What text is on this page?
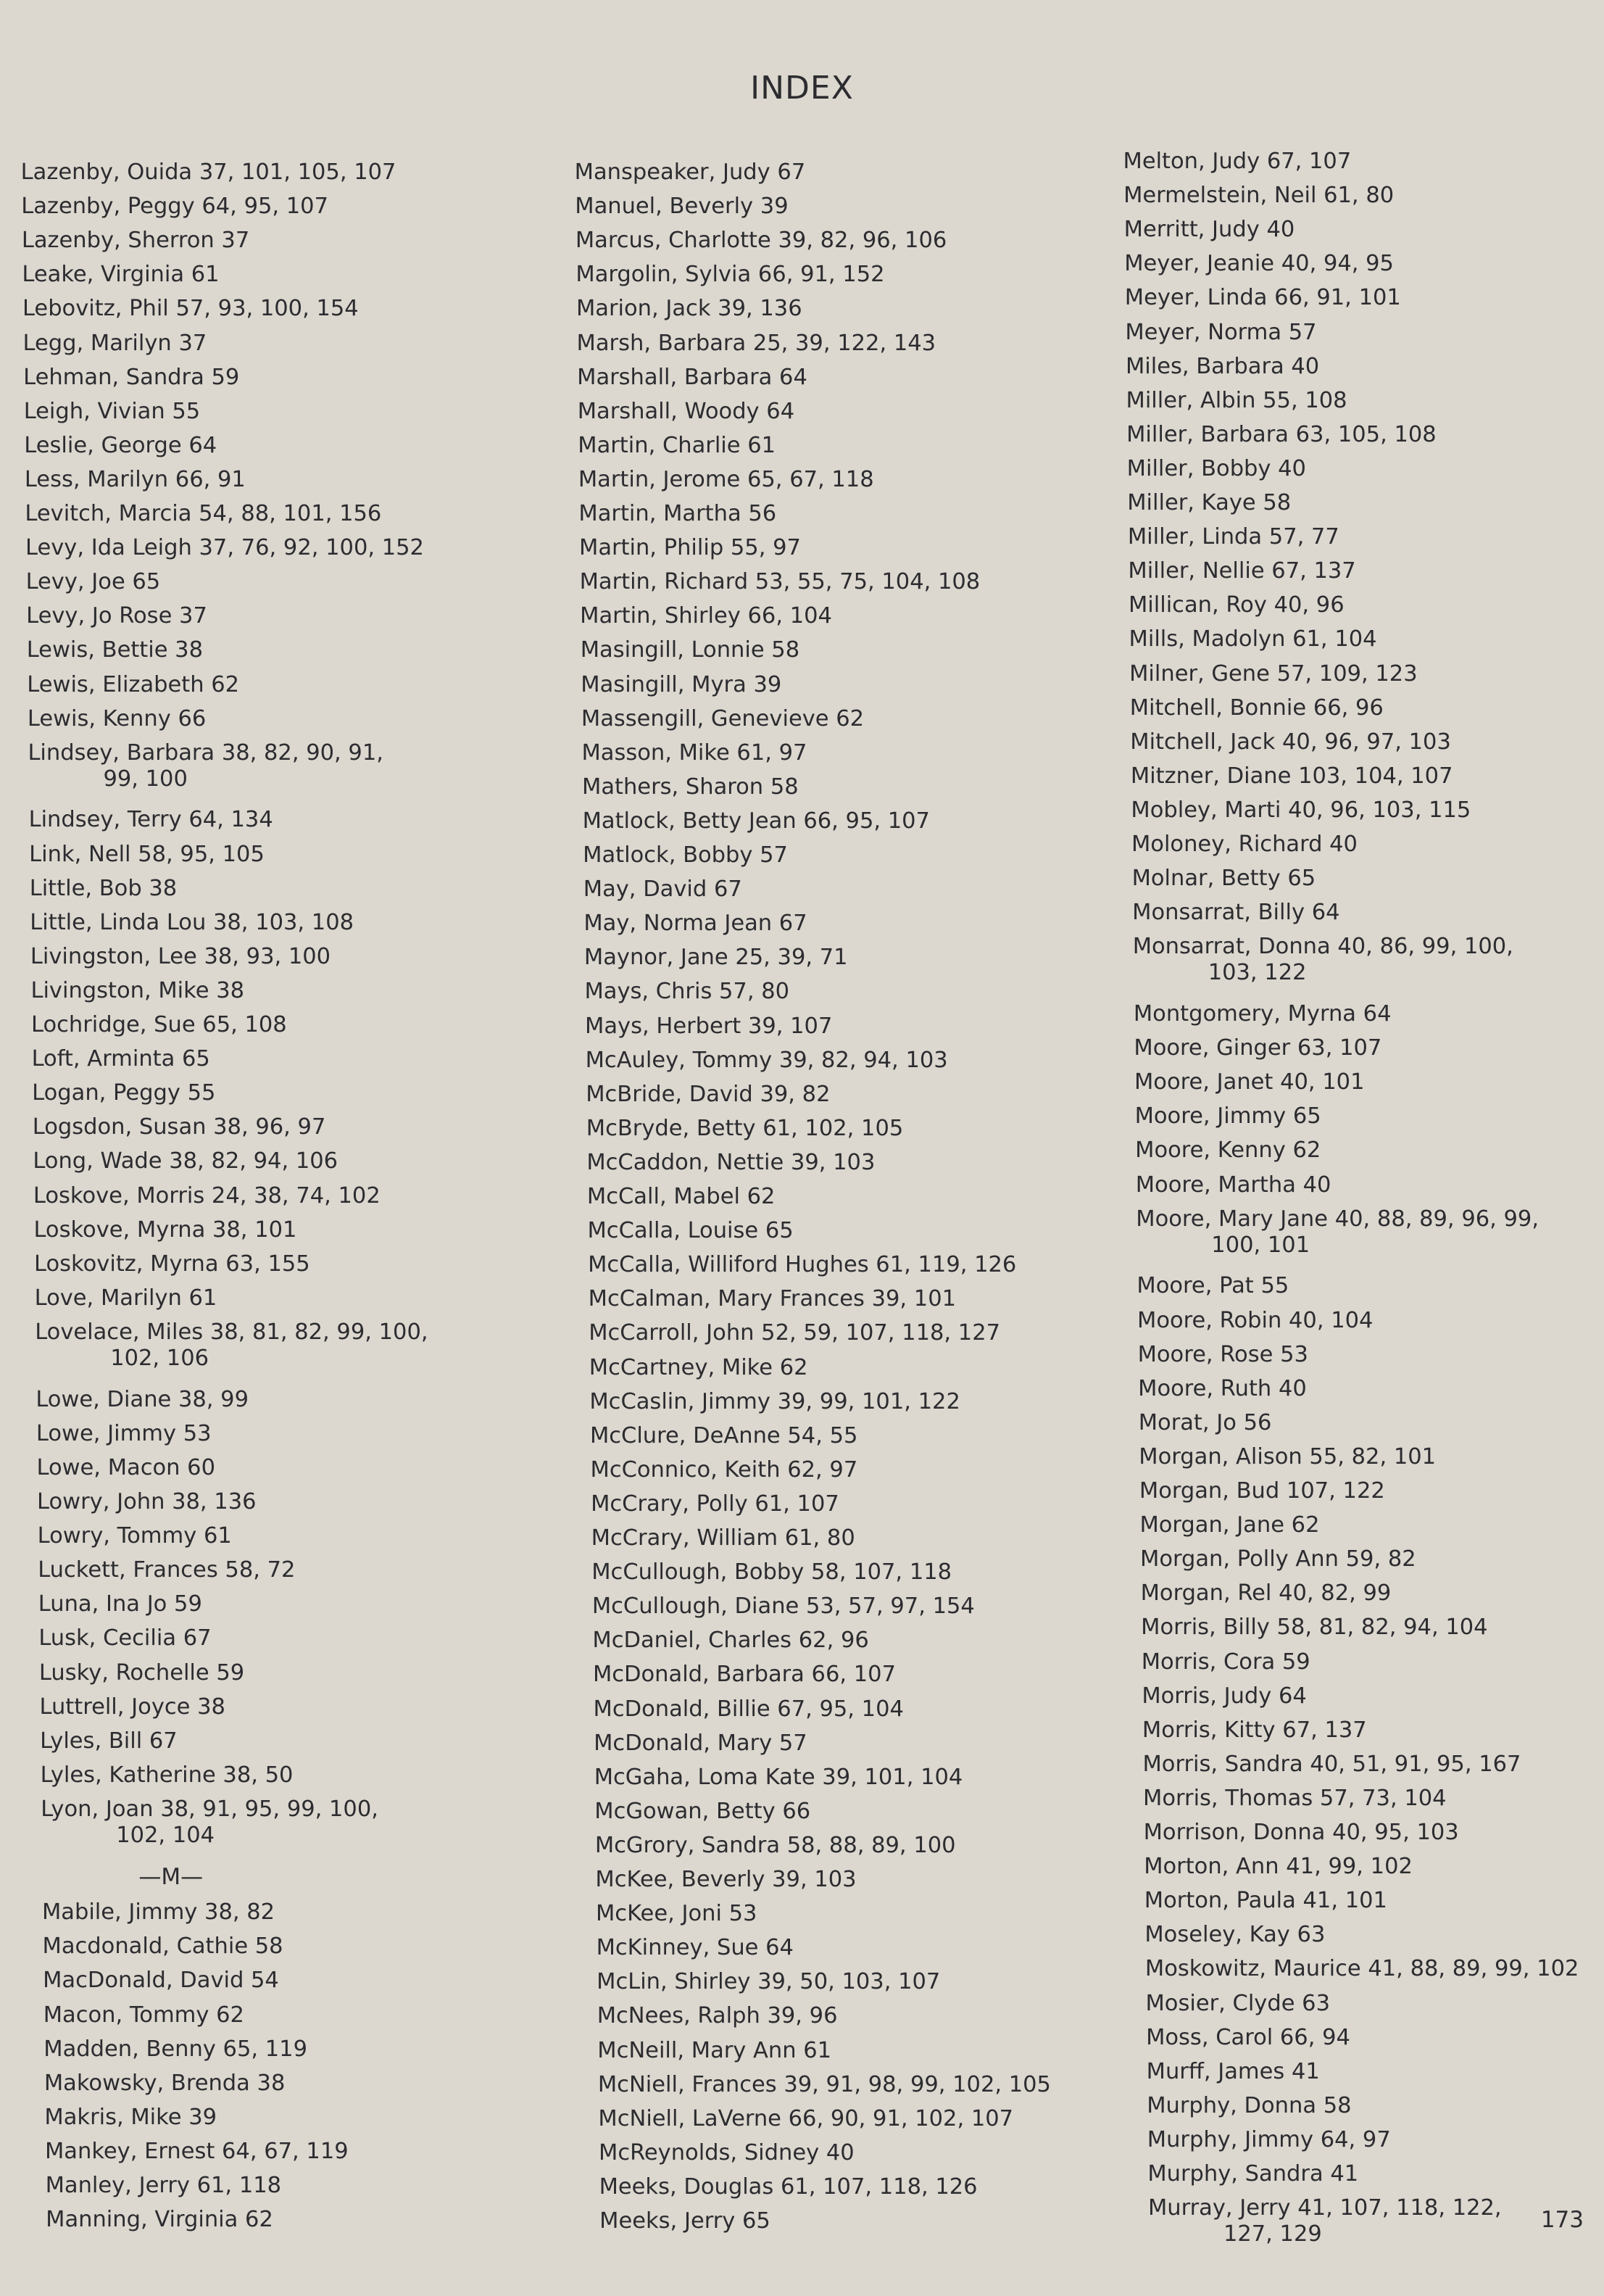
INDEX
Lazenby, Ouida 37, 101, 105, 107
Lazenby, Peggy 64, 95, 107
Lazenby, Sherron 37
Leake, Virginia 61
Lebovitz, Phil 57, 93, 100, 154
Legg, Marilyn 37
Lehman, Sandra 59
Leigh, Vivian 55
Leslie, George 64
Less, Marilyn 66, 91
Levitch, Marcia 54, 88, 101, 156
Levy, Ida Leigh 37, 76, 92, 100, 152
Levy, Joe 65
Levy, Jo Rose 37
Lewis, Bettie 38
Lewis, Elizabeth 62
Lewis, Kenny 66
Lindsey, Barbara 38, 82, 90, 91,
99, 100
Lindsey, Terry 64, 134
Link, Nell 58, 95, 105
Little, Bob 38
Little, Linda Lou 38, 103, 108
Livingston, Lee 38, 93, 100
Livingston, Mike 38
Lochridge, Sue 65, 108
Loft, Arminta 65
Logan, Peggy 55
Logsdon, Susan 38, 96, 97
Long, Wade 38, 82, 94, 106
Loskove, Morris 24, 38, 74, 102
Loskove, Myrna 38, 101
Loskovitz, Myrna 63, 155
Love, Marilyn 61
Lovelace, Miles 38, 81, 82, 99, 100,
102, 106
Lowe, Diane 38, 99
Lowe, Jimmy 53
Lowe, Macon 60
Lowry, John 38, 136
Lowry, Tommy 61
Luckett, Frances 58, 72
Luna, Ina Jo 59
Lusk, Cecilia 67
Lusky, Rochelle 59
Luttrell, Joyce 38
Lyles, Bill 67
Lyles, Katherine 38, 50
Lyon, Joan 38, 91, 95, 99, 100,
102, 104
—M—
Mabile, Jimmy 38, 82
Macdonald, Cathie 58
MacDonald, David 54
Macon, Tommy 62
Madden, Benny 65, 119
Makowsky, Brenda 38
Makris, Mike 39
Mankey, Ernest 64, 67, 119
Manley, Jerry 61, 118
Manning, Virginia 62
Manspeaker, Judy 67
Manuel, Beverly 39
Marcus, Charlotte 39, 82, 96, 106
Margolin, Sylvia 66, 91, 152
Marion, Jack 39, 136
Marsh, Barbara 25, 39, 122, 143
Marshall, Barbara 64
Marshall, Woody 64
Martin, Charlie 61
Martin, Jerome 65, 67, 118
Martin, Martha 56
Martin, Philip 55, 97
Martin, Richard 53, 55, 75, 104, 108
Martin, Shirley 66, 104
Masingill, Lonnie 58
Masingill, Myra 39
Massengill, Genevieve 62
Masson, Mike 61, 97
Mathers, Sharon 58
Matlock, Betty Jean 66, 95, 107
Matlock, Bobby 57
May, David 67
May, Norma Jean 67
Maynor, Jane 25, 39, 71
Mays, Chris 57, 80
Mays, Herbert 39, 107
McAuley, Tommy 39, 82, 94, 103
McBride, David 39, 82
McBryde, Betty 61, 102, 105
McCaddon, Nettie 39, 103
McCall, Mabel 62
McCalla, Louise 65
McCalla, Williford Hughes 61, 119, 126
McCalman, Mary Frances 39, 101
McCarroll, John 52, 59, 107, 118, 127
McCartney, Mike 62
McCaslin, Jimmy 39, 99, 101, 122
McClure, DeAnne 54, 55
McConnico, Keith 62, 97
McCrary, Polly 61, 107
McCrary, William 61, 80
McCullough, Bobby 58, 107, 118
McCullough, Diane 53, 57, 97, 154
McDaniel, Charles 62, 96
McDonald, Barbara 66, 107
McDonald, Billie 67, 95, 104
McDonald, Mary 57
McGaha, Loma Kate 39, 101, 104
McGowan, Betty 66
McGrory, Sandra 58, 88, 89, 100
McKee, Beverly 39, 103
McKee, Joni 53
McKinney, Sue 64
McLin, Shirley 39, 50, 103, 107
McNees, Ralph 39, 96
McNeill, Mary Ann 61
McNiell, Frances 39, 91, 98, 99, 102, 105
McNiell, LaVerne 66, 90, 91, 102, 107
McReynolds, Sidney 40
Meeks, Douglas 61, 107, 118, 126
Meeks, Jerry 65
Melton, Judy 67, 107
Mermelstein, Neil 61, 80
Merritt, Judy 40
Meyer, Jeanie 40, 94, 95
Meyer, Linda 66, 91, 101
Meyer, Norma 57
Miles, Barbara 40
Miller, Albin 55, 108
Miller, Barbara 63, 105, 108
Miller, Bobby 40
Miller, Kaye 58
Miller, Linda 57, 77
Miller, Nellie 67, 137
Millican, Roy 40, 96
Mills, Madolyn 61, 104
Milner, Gene 57, 109, 123
Mitchell, Bonnie 66, 96
Mitchell, Jack 40, 96, 97, 103
Mitzner, Diane 103, 104, 107
Mobley, Marti 40, 96, 103, 115
Moloney, Richard 40
Molnar, Betty 65
Monsarrat, Billy 64
Monsarrat, Donna 40, 86, 99, 100,
103, 122
Montgomery, Myrna 64
Moore, Ginger 63, 107
Moore, Janet 40, 101
Moore, Jimmy 65
Moore, Kenny 62
Moore, Martha 40
Moore, Mary Jane 40, 88, 89, 96, 99,
100, 101
Moore, Pat 55
Moore, Robin 40, 104
Moore, Rose 53
Moore, Ruth 40
Morat, Jo 56
Morgan, Alison 55, 82, 101
Morgan, Bud 107, 122
Morgan, Jane 62
Morgan, Polly Ann 59, 82
Morgan, Rel 40, 82, 99
Morris, Billy 58, 81, 82, 94, 104
Morris, Cora 59
Morris, Judy 64
Morris, Kitty 67, 137
Morris, Sandra 40, 51, 91, 95, 167
Morris, Thomas 57, 73, 104
Morrison, Donna 40, 95, 103
Morton, Ann 41, 99, 102
Morton, Paula 41, 101
Moseley, Kay 63
Moskowitz, Maurice 41, 88, 89, 99, 102
Mosier, Clyde 63
Moss, Carol 66, 94
Murff, James 41
Murphy, Donna 58
Murphy, Jimmy 64, 97
Murphy, Sandra 41
Murray, Jerry 41, 107, 118, 122,
127, 129
173
